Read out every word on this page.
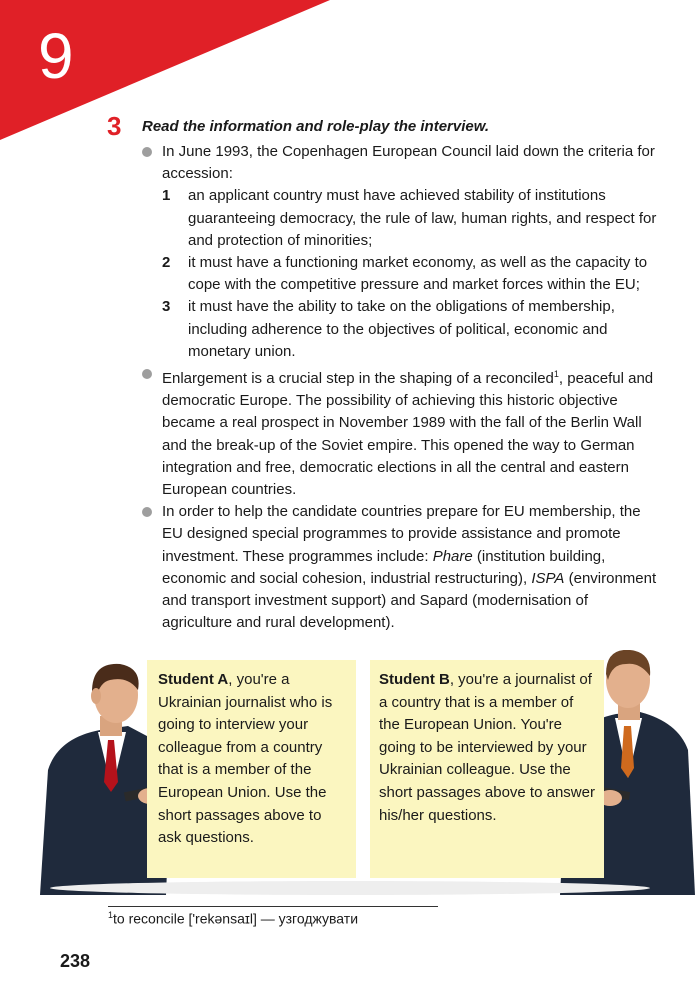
9
3 Read the information and role-play the interview.
In June 1993, the Copenhagen European Council laid down the criteria for accession:
1 an applicant country must have achieved stability of institutions guaranteeing democracy, the rule of law, human rights, and respect for and protection of minorities;
2 it must have a functioning market economy, as well as the capacity to cope with the competitive pressure and market forces within the EU;
3 it must have the ability to take on the obligations of membership, including adherence to the objectives of political, economic and monetary union.
Enlargement is a crucial step in the shaping of a reconciled$^1$, peaceful and democratic Europe. The possibility of achieving this historic objective became a real prospect in November 1989 with the fall of the Berlin Wall and the break-up of the Soviet empire. This opened the way to German integration and free, democratic elections in all the central and eastern European countries.
In order to help the candidate countries prepare for EU membership, the EU designed special programmes to provide assistance and promote investment. These programmes include: Phare (institution building, economic and social cohesion, industrial restructuring), ISPA (environment and transport investment support) and Sapard (modernisation of agriculture and rural development).

Student A, you're a Ukrainian journalist who is going to interview your colleague from a country that is a member of the European Union. Use the short passages above to ask questions.

Student B, you're a journalist of a country that is a member of the European Union. You're going to be interviewed by your Ukrainian colleague. Use the short passages above to answer his/her questions.

$^1$to reconcile ['rekənsaɪl] — узгоджувати
238
